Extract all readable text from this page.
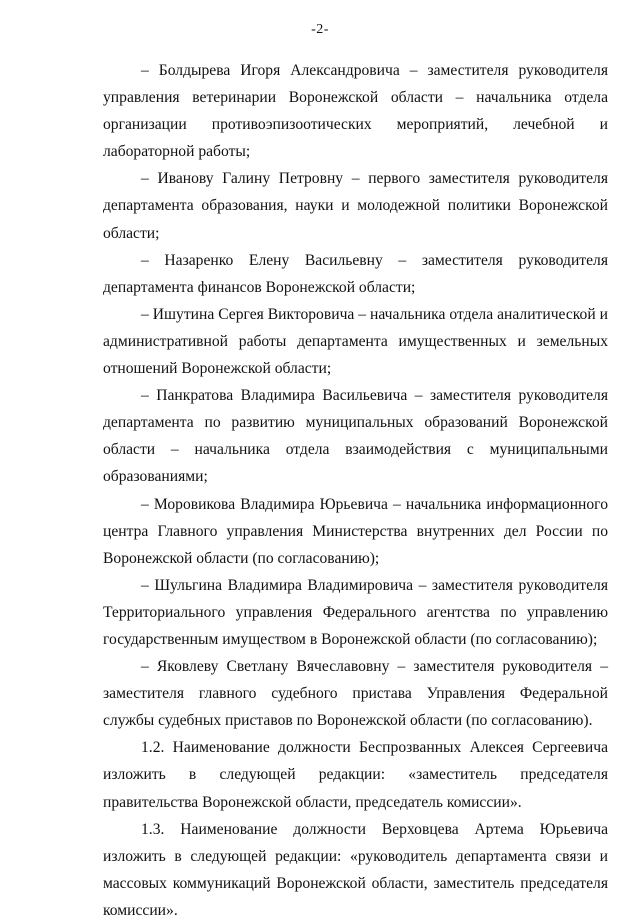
-2-

– Болдырева Игоря Александровича – заместителя руководителя управления ветеринарии Воронежской области – начальника отдела организации противоэпизоотических мероприятий, лечебной и лабораторной работы;

– Иванову Галину Петровну – первого заместителя руководителя департамента образования, науки и молодежной политики Воронежской области;

– Назаренко Елену Васильевну – заместителя руководителя департамента финансов Воронежской области;

– Ишутина Сергея Викторовича – начальника отдела аналитической и административной работы департамента имущественных и земельных отношений Воронежской области;

– Панкратова Владимира Васильевича – заместителя руководителя департамента по развитию муниципальных образований Воронежской области – начальника отдела взаимодействия с муниципальными образованиями;

– Моровикова Владимира Юрьевича – начальника информационного центра Главного управления Министерства внутренних дел России по Воронежской области (по согласованию);

– Шульгина Владимира Владимировича – заместителя руководителя Территориального управления Федерального агентства по управлению государственным имуществом в Воронежской области (по согласованию);

– Яковлеву Светлану Вячеславовну – заместителя руководителя – заместителя главного судебного пристава Управления Федеральной службы судебных приставов по Воронежской области (по согласованию).

1.2. Наименование должности Беспрозванных Алексея Сергеевича изложить в следующей редакции: «заместитель председателя правительства Воронежской области, председатель комиссии».

1.3. Наименование должности Верховцева Артема Юрьевича изложить в следующей редакции: «руководитель департамента связи и массовых коммуникаций Воронежской области, заместитель председателя комиссии».
